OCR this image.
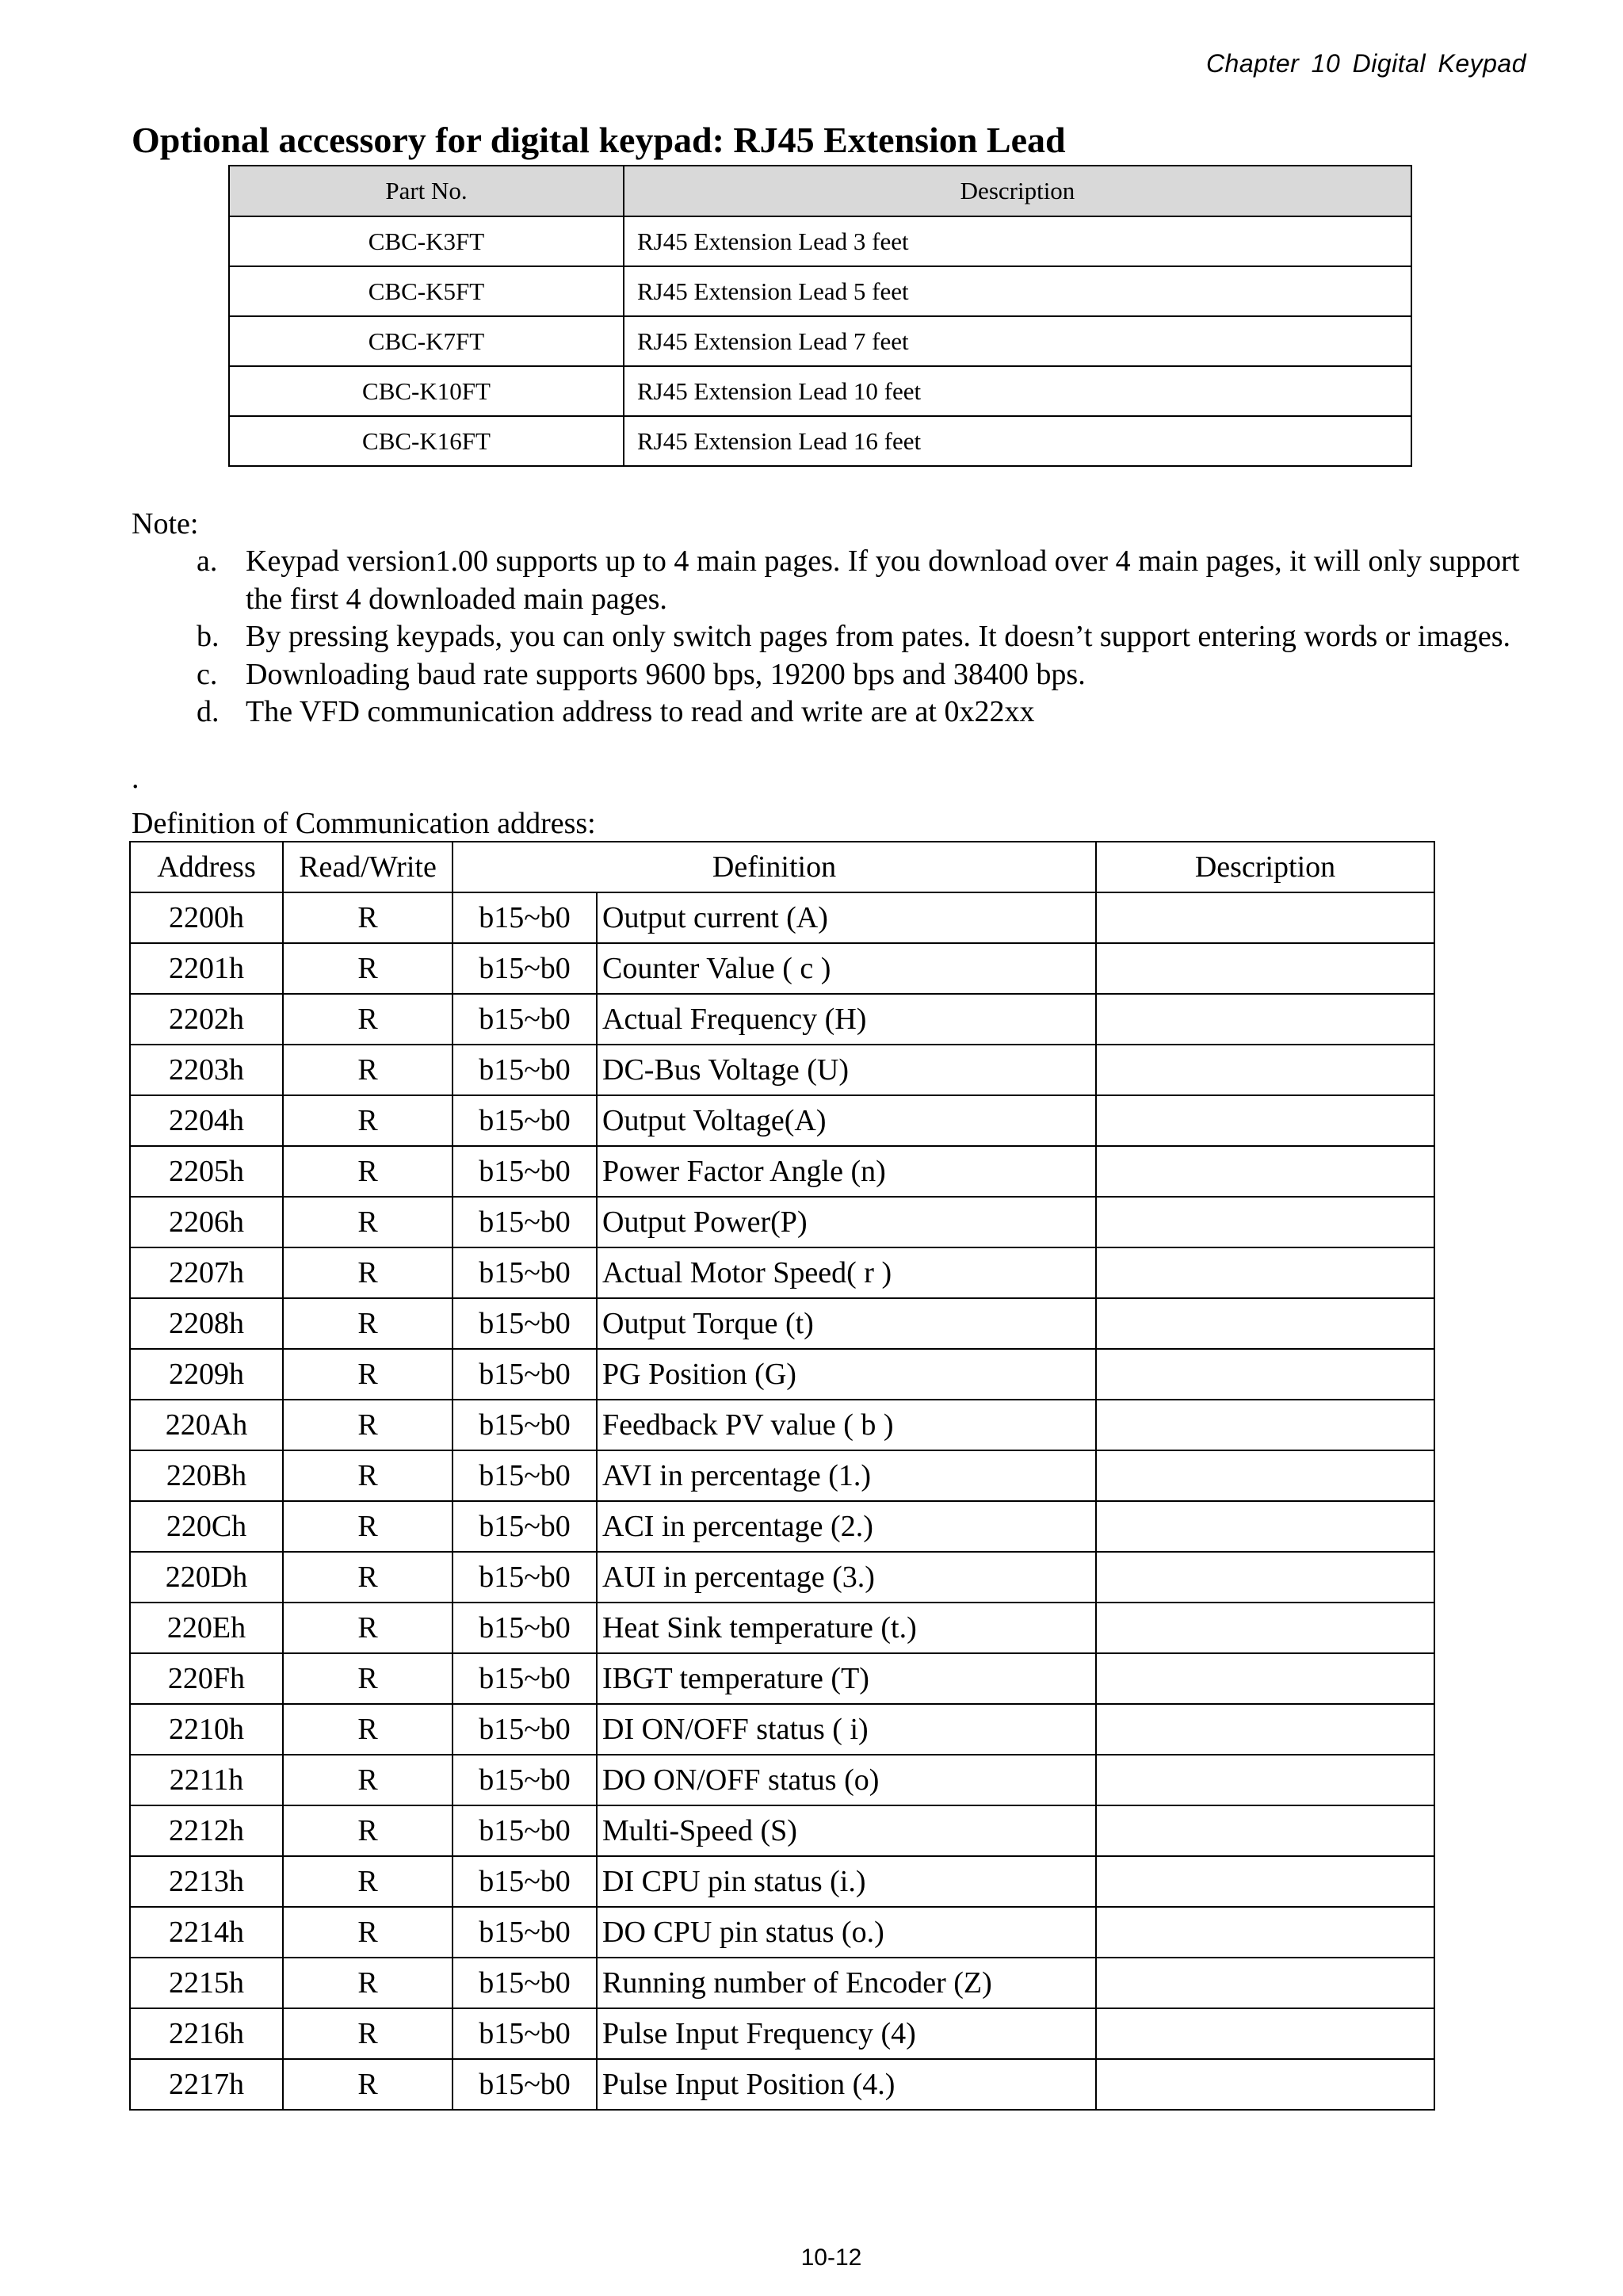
Chapter 10 Digital Keypad
Optional accessory for digital keypad: RJ45 Extension Lead
Part No.	Description
CBC-K3FT	RJ45 Extension Lead 3 feet
CBC-K5FT	RJ45 Extension Lead 5 feet
CBC-K7FT	RJ45 Extension Lead 7 feet
CBC-K10FT	RJ45 Extension Lead 10 feet
CBC-K16FT	RJ45 Extension Lead 16 feet
Note:
a. Keypad version1.00 supports up to 4 main pages. If you download over 4 main pages, it will only support the first 4 downloaded main pages.
b. By pressing keypads, you can only switch pages from pates. It doesn’t support entering words or images.
c. Downloading baud rate supports 9600 bps, 19200 bps and 38400 bps.
d. The VFD communication address to read and write are at 0x22xx
.
Definition of Communication address:
Address	Read/Write	Definition		Description
2200h	R	b15~b0	Output current (A)	
2201h	R	b15~b0	Counter Value ( c )	
2202h	R	b15~b0	Actual Frequency (H)	
2203h	R	b15~b0	DC-Bus Voltage (U)	
2204h	R	b15~b0	Output Voltage(A)	
2205h	R	b15~b0	Power Factor Angle (n)	
2206h	R	b15~b0	Output Power(P)	
2207h	R	b15~b0	Actual Motor Speed( r )	
2208h	R	b15~b0	Output Torque (t)	
2209h	R	b15~b0	PG Position (G)	
220Ah	R	b15~b0	Feedback PV value ( b )	
220Bh	R	b15~b0	AVI in percentage (1.)	
220Ch	R	b15~b0	ACI in percentage (2.)	
220Dh	R	b15~b0	AUI in percentage (3.)	
220Eh	R	b15~b0	Heat Sink temperature (t.)	
220Fh	R	b15~b0	IBGT temperature (T)	
2210h	R	b15~b0	DI ON/OFF status ( i)	
2211h	R	b15~b0	DO ON/OFF status (o)	
2212h	R	b15~b0	Multi-Speed (S)	
2213h	R	b15~b0	DI CPU pin status (i.)	
2214h	R	b15~b0	DO CPU pin status (o.)	
2215h	R	b15~b0	Running number of Encoder (Z)	
2216h	R	b15~b0	Pulse Input Frequency (4)	
2217h	R	b15~b0	Pulse Input Position (4.)	
10-12
